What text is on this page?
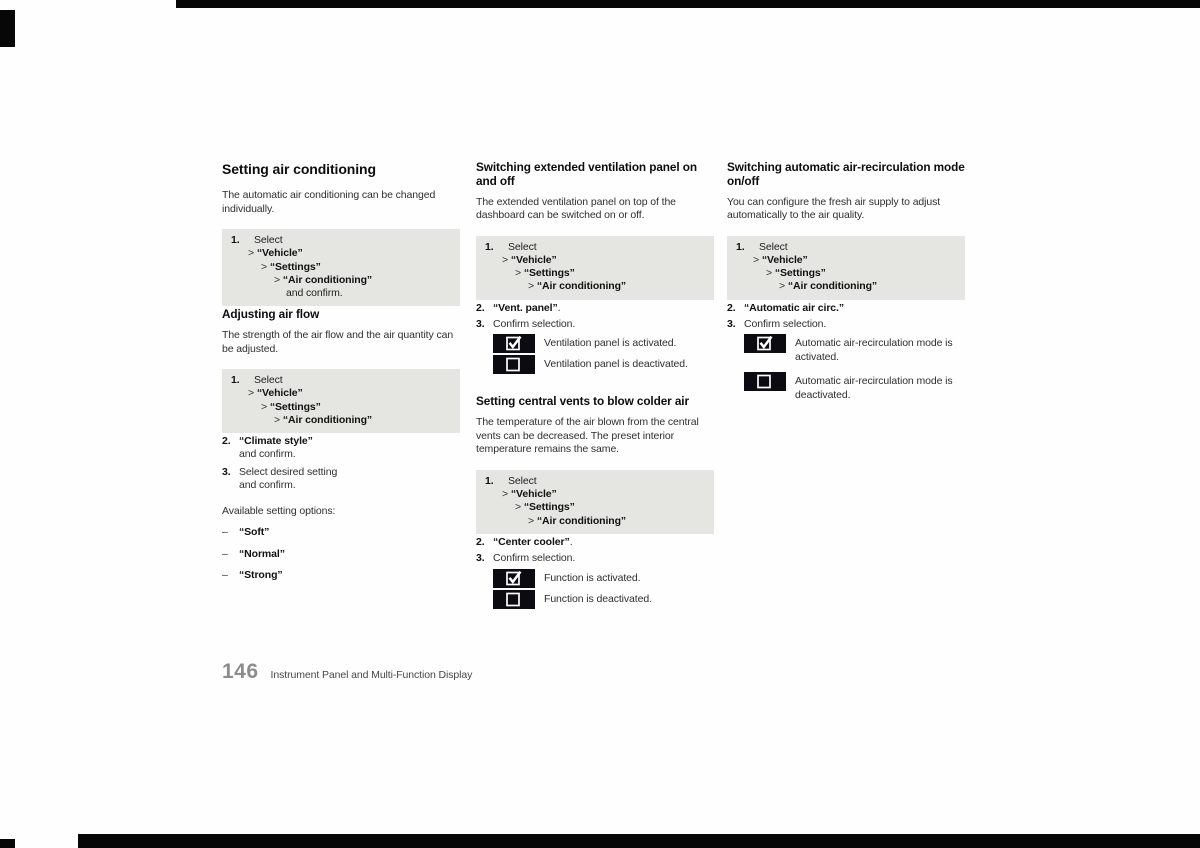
Setting air conditioning

The automatic air conditioning can be changed individually.

1. Select
> “Vehicle”
> “Settings”
> “Air conditioning”
and confirm.
Adjusting air flow

The strength of the air flow and the air quantity can be adjusted.

1. Select
> “Vehicle”
> “Settings”
> “Air conditioning”
2. “Climate style”
and confirm.
3. Select desired setting
and confirm.

Available setting options:

– “Soft”
– “Normal”
– “Strong”
Switching extended ventilation panel on and off

The extended ventilation panel on top of the dashboard can be switched on or off.

1. Select
> “Vehicle”
> “Settings”
> “Air conditioning”
2. “Vent. panel”.
3. Confirm selection.
Ventilation panel is activated.
Ventilation panel is deactivated.
Setting central vents to blow colder air

The temperature of the air blown from the central vents can be decreased. The preset interior temperature remains the same.

1. Select
> “Vehicle”
> “Settings”
> “Air conditioning”
2. “Center cooler”.
3. Confirm selection.
Function is activated.
Function is deactivated.
Switching automatic air-recirculation mode on/off

You can configure the fresh air supply to adjust automatically to the air quality.

1. Select
> “Vehicle”
> “Settings”
> “Air conditioning”
2. “Automatic air circ.”
3. Confirm selection.
Automatic air-recirculation mode is activated.
Automatic air-recirculation mode is deactivated.
146 Instrument Panel and Multi-Function Display
